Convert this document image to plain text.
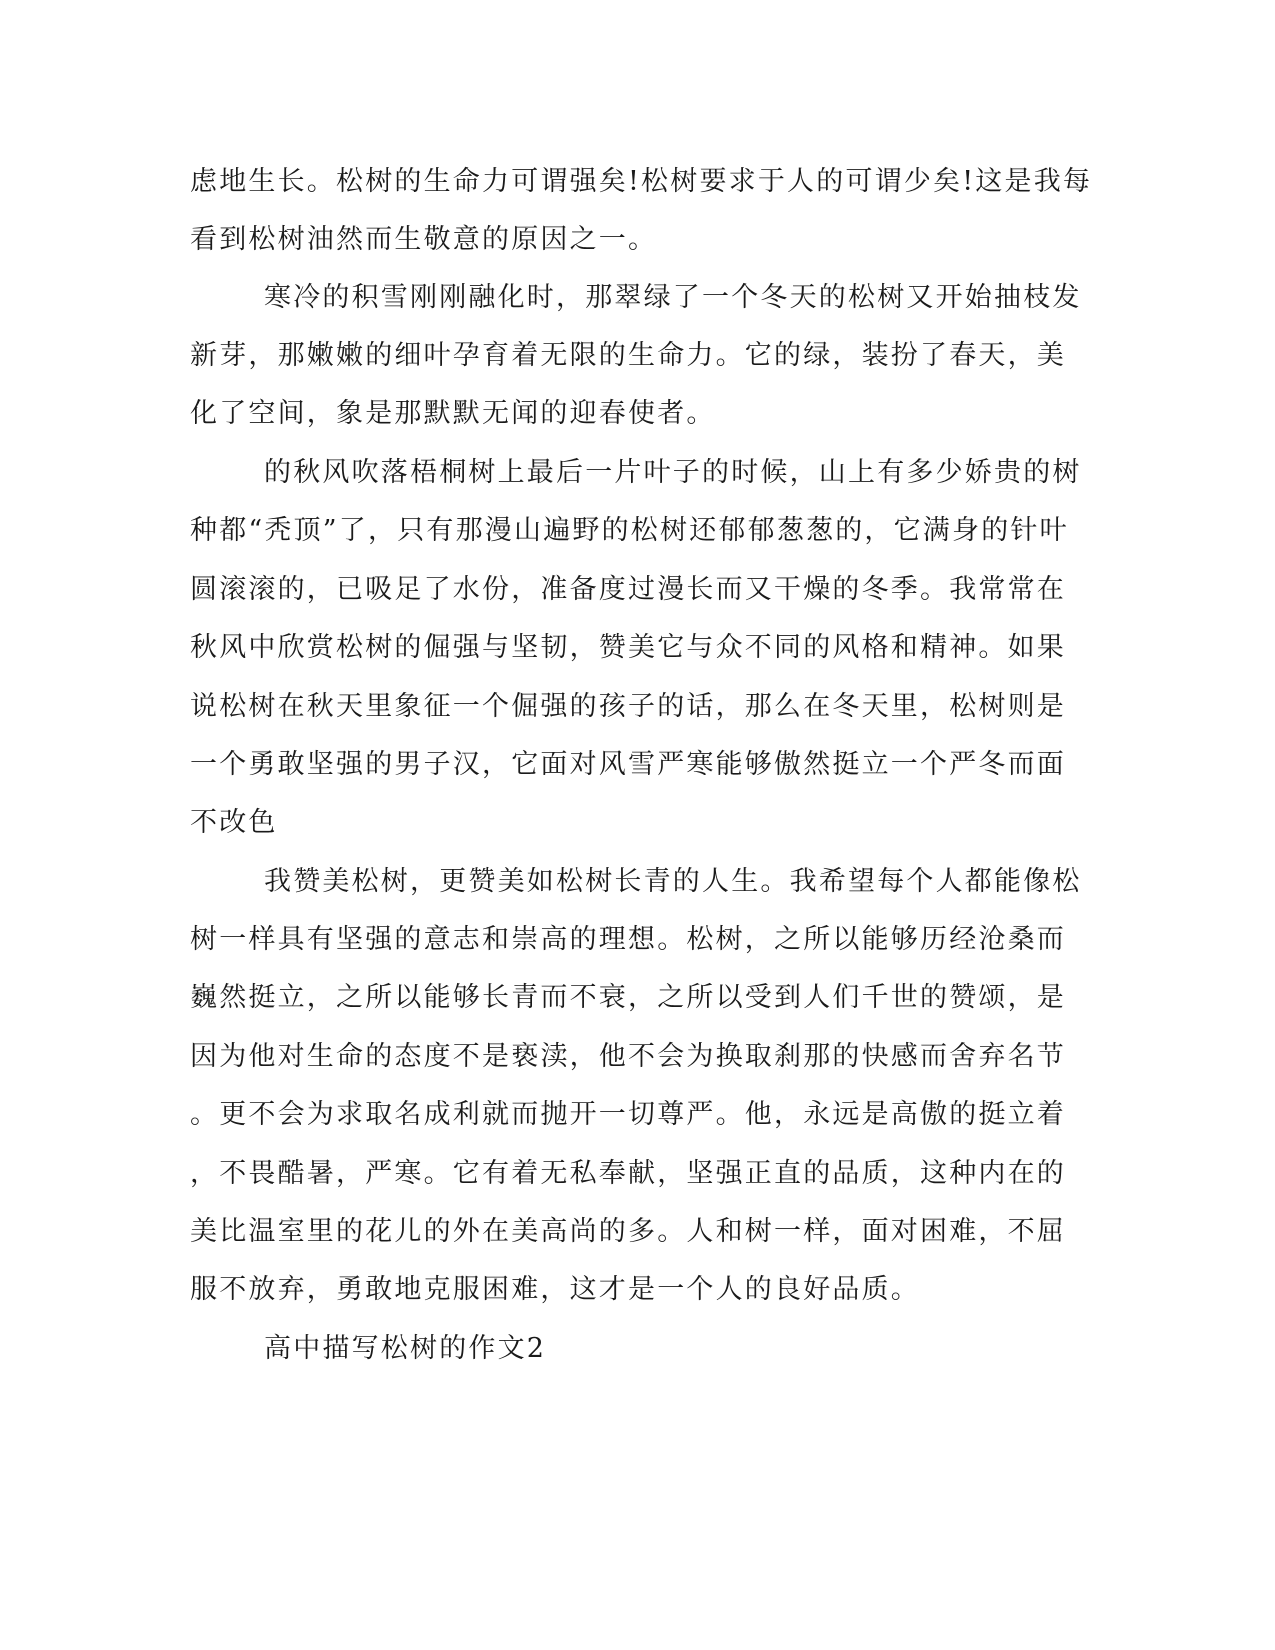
虑地生长。松树的生命力可谓强矣!松树要求于人的可谓少矣!这是我每
看到松树油然而生敬意的原因之一。
寒冷的积雪刚刚融化时，那翠绿了一个冬天的松树又开始抽枝发
新芽，那嫩嫩的细叶孕育着无限的生命力。它的绿，装扮了春天，美
化了空间，象是那默默无闻的迎春使者。
的秋风吹落梧桐树上最后一片叶子的时候，山上有多少娇贵的树
种都“秃顶”了，只有那漫山遍野的松树还郁郁葱葱的，它满身的针叶
圆滚滚的，已吸足了水份，准备度过漫长而又干燥的冬季。我常常在
秋风中欣赏松树的倔强与坚韧，赞美它与众不同的风格和精神。如果
说松树在秋天里象征一个倔强的孩子的话，那么在冬天里，松树则是
一个勇敢坚强的男子汉，它面对风雪严寒能够傲然挺立一个严冬而面
不改色
我赞美松树，更赞美如松树长青的人生。我希望每个人都能像松
树一样具有坚强的意志和崇高的理想。松树，之所以能够历经沧桑而
巍然挺立，之所以能够长青而不衰，之所以受到人们千世的赞颂，是
因为他对生命的态度不是亵渎，他不会为换取刹那的快感而舍弃名节
。更不会为求取名成利就而抛开一切尊严。他，永远是高傲的挺立着
，不畏酷暑，严寒。它有着无私奉献，坚强正直的品质，这种内在的
美比温室里的花儿的外在美高尚的多。人和树一样，面对困难，不屈
服不放弃，勇敢地克服困难，这才是一个人的良好品质。
高中描写松树的作文2
